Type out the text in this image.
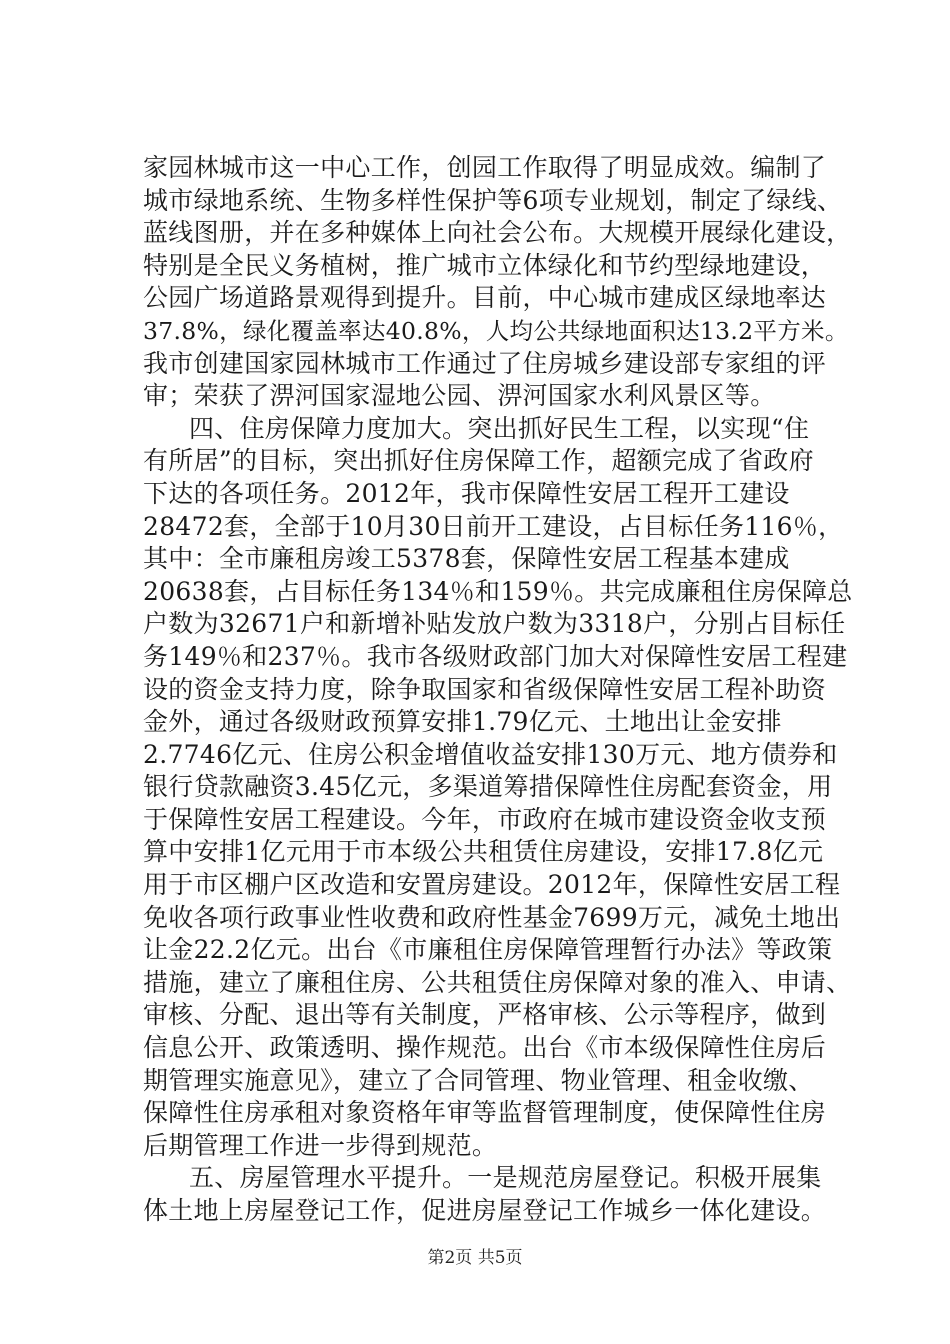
家园林城市这一中心工作，创园工作取得了明显成效。编制了
城市绿地系统、生物多样性保护等6项专业规划，制定了绿线、
蓝线图册，并在多种媒体上向社会公布。大规模开展绿化建设，
特别是全民义务植树，推广城市立体绿化和节约型绿地建设，
公园广场道路景观得到提升。目前，中心城市建成区绿地率达
37.8%，绿化覆盖率达40.8%，人均公共绿地面积达13.2平方米。
我市创建国家园林城市工作通过了住房城乡建设部专家组的评
审；荣获了淠河国家湿地公园、淠河国家水利风景区等。
四、住房保障力度加大。突出抓好民生工程，以实现“住
有所居”的目标，突出抓好住房保障工作，超额完成了省政府
下达的各项任务。2012年，我市保障性安居工程开工建设
28472套，全部于10月30日前开工建设，占目标任务116％，
其中：全市廉租房竣工5378套，保障性安居工程基本建成
20638套，占目标任务134％和159％。共完成廉租住房保障总
户数为32671户和新增补贴发放户数为3318户，分别占目标任
务149％和237％。我市各级财政部门加大对保障性安居工程建
设的资金支持力度，除争取国家和省级保障性安居工程补助资
金外，通过各级财政预算安排1.79亿元、土地出让金安排
2.7746亿元、住房公积金增值收益安排130万元、地方债券和
银行贷款融资3.45亿元，多渠道筹措保障性住房配套资金，用
于保障性安居工程建设。今年，市政府在城市建设资金收支预
算中安排1亿元用于市本级公共租赁住房建设，安排17.8亿元
用于市区棚户区改造和安置房建设。2012年，保障性安居工程
免收各项行政事业性收费和政府性基金7699万元，减免土地出
让金22.2亿元。出台《市廉租住房保障管理暂行办法》等政策
措施，建立了廉租住房、公共租赁住房保障对象的准入、申请、
审核、分配、退出等有关制度，严格审核、公示等程序，做到
信息公开、政策透明、操作规范。出台《市本级保障性住房后
期管理实施意见》，建立了合同管理、物业管理、租金收缴、
保障性住房承租对象资格年审等监督管理制度，使保障性住房
后期管理工作进一步得到规范。
五、房屋管理水平提升。一是规范房屋登记。积极开展集
体土地上房屋登记工作，促进房屋登记工作城乡一体化建设。
第2页 共5页
